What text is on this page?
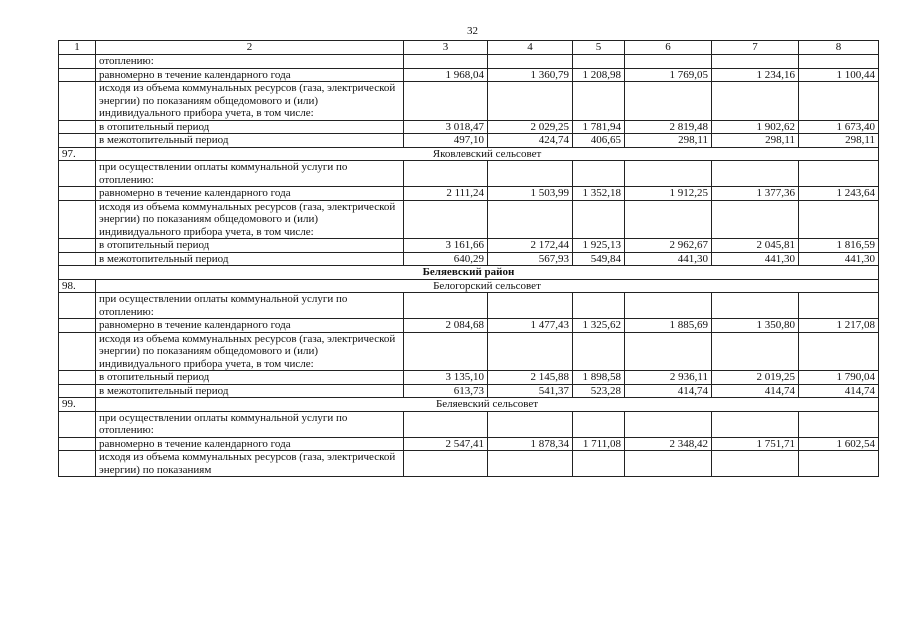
32
1	2	3	4	5	6	7	8
	отоплению:						
	равномерно в течение календарного года	1 968,04	1 360,79	1 208,98	1 769,05	1 234,16	1 100,44
	исходя из объема коммунальных ресурсов (газа, электрической энергии) по показаниям общедомового и (или) индивидуального прибора учета, в том числе:						
	в отопительный период	3 018,47	2 029,25	1 781,94	2 819,48	1 902,62	1 673,40
	в межотопительный период	497,10	424,74	406,65	298,11	298,11	298,11
97.	Яковлевский сельсовет						
	при осуществлении оплаты коммунальной услуги по отоплению:						
	равномерно в течение календарного года	2 111,24	1 503,99	1 352,18	1 912,25	1 377,36	1 243,64
	исходя из объема коммунальных ресурсов (газа, электрической энергии) по показаниям общедомового и (или) индивидуального прибора учета, в том числе:						
	в отопительный период	3 161,66	2 172,44	1 925,13	2 962,67	2 045,81	1 816,59
	в межотопительный период	640,29	567,93	549,84	441,30	441,30	441,30
Беляевский район							
98.	Белогорский сельсовет						
	при осуществлении оплаты коммунальной услуги по отоплению:						
	равномерно в течение календарного года	2 084,68	1 477,43	1 325,62	1 885,69	1 350,80	1 217,08
	исходя из объема коммунальных ресурсов (газа, электрической энергии) по показаниям общедомового и (или) индивидуального прибора учета, в том числе:						
	в отопительный период	3 135,10	2 145,88	1 898,58	2 936,11	2 019,25	1 790,04
	в межотопительный период	613,73	541,37	523,28	414,74	414,74	414,74
99.	Беляевский сельсовет						
	при осуществлении оплаты коммунальной услуги по отоплению:						
	равномерно в течение календарного года	2 547,41	1 878,34	1 711,08	2 348,42	1 751,71	1 602,54
	исходя из объема коммунальных ресурсов (газа, электрической энергии) по показаниям						
